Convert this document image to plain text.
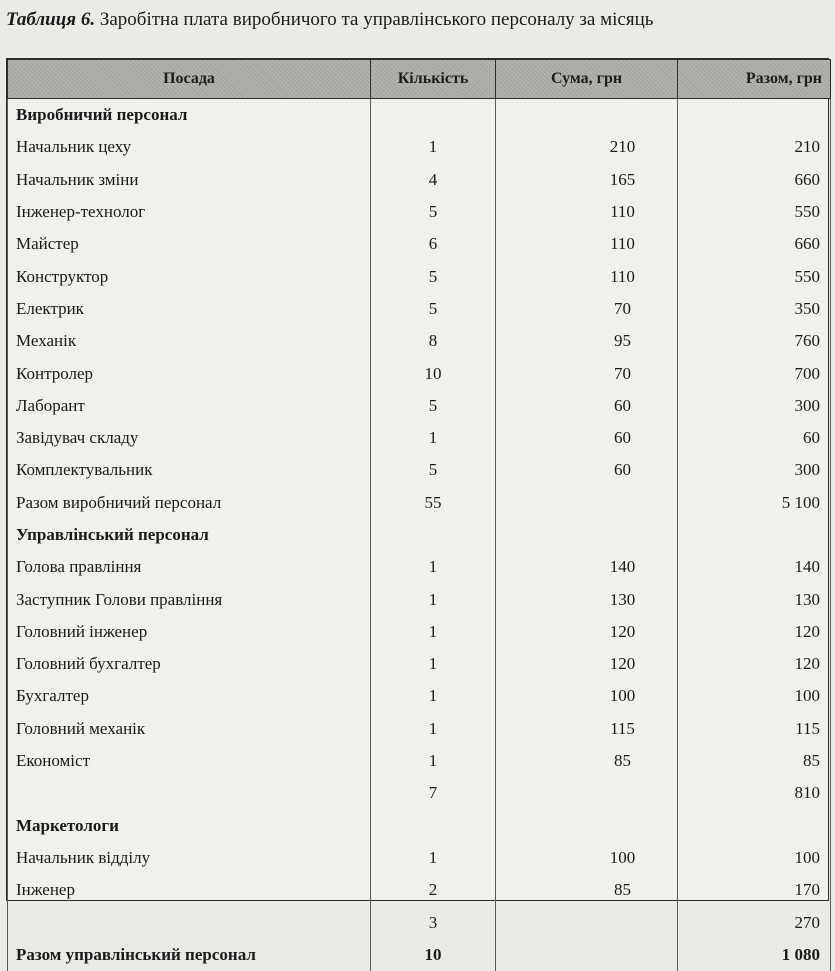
Таблиця 6. Заробітна плата виробничого та управлінського персоналу за місяць
Посада	Кількість	Сума, грн	Разом, грн
Виробничий персонал			
Начальник цеху	1	210	210
Начальник зміни	4	165	660
Інженер-технолог	5	110	550
Майстер	6	110	660
Конструктор	5	110	550
Електрик	5	70	350
Механік	8	95	760
Контролер	10	70	700
Лаборант	5	60	300
Завідувач складу	1	60	60
Комплектувальник	5	60	300
Разом виробничий персонал	55		5 100
Управлінський персонал			
Голова правління	1	140	140
Заступник Голови правління	1	130	130
Головний інженер	1	120	120
Головний бухгалтер	1	120	120
Бухгалтер	1	100	100
Головний механік	1	115	115
Економіст	1	85	85
	7		810
Маркетологи			
Начальник відділу	1	100	100
Інженер	2	85	170
	3		270
Разом управлінський персонал	10		1 080
